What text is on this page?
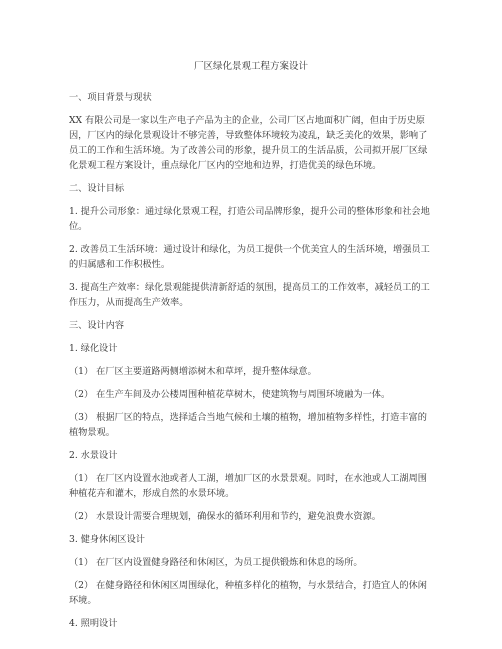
厂区绿化景观工程方案设计
一、项目背景与现状
XX 有限公司是一家以生产电子产品为主的企业，公司厂区占地面积广阔，但由于历史原
因，厂区内的绿化景观设计不够完善，导致整体环境较为凌乱，缺乏美化的效果，影响了
员工的工作和生活环境。为了改善公司的形象，提升员工的生活品质，公司拟开展厂区绿
化景观工程方案设计，重点绿化厂区内的空地和边界，打造优美的绿色环境。
二、设计目标
1. 提升公司形象：通过绿化景观工程，打造公司品牌形象，提升公司的整体形象和社会地
位。
2. 改善员工生活环境：通过设计和绿化，为员工提供一个优美宜人的生活环境，增强员工
的归属感和工作积极性。
3. 提高生产效率：绿化景观能提供清新舒适的氛围，提高员工的工作效率，减轻员工的工
作压力，从而提高生产效率。
三、设计内容
1. 绿化设计
（1） 在厂区主要道路两侧增添树木和草坪，提升整体绿意。
（2） 在生产车间及办公楼周围种植花草树木，使建筑物与周围环境融为一体。
（3） 根据厂区的特点，选择适合当地气候和土壤的植物，增加植物多样性，打造丰富的
植物景观。
2. 水景设计
（1） 在厂区内设置水池或者人工湖，增加厂区的水景景观。同时，在水池或人工湖周围
种植花卉和灌木，形成自然的水景环境。
（2） 水景设计需要合理规划，确保水的循环利用和节约，避免浪费水资源。
3. 健身休闲区设计
（1） 在厂区内设置健身路径和休闲区，为员工提供锻炼和休息的场所。
（2） 在健身路径和休闲区周围绿化，种植多样化的植物，与水景结合，打造宜人的休闲
环境。
4. 照明设计
